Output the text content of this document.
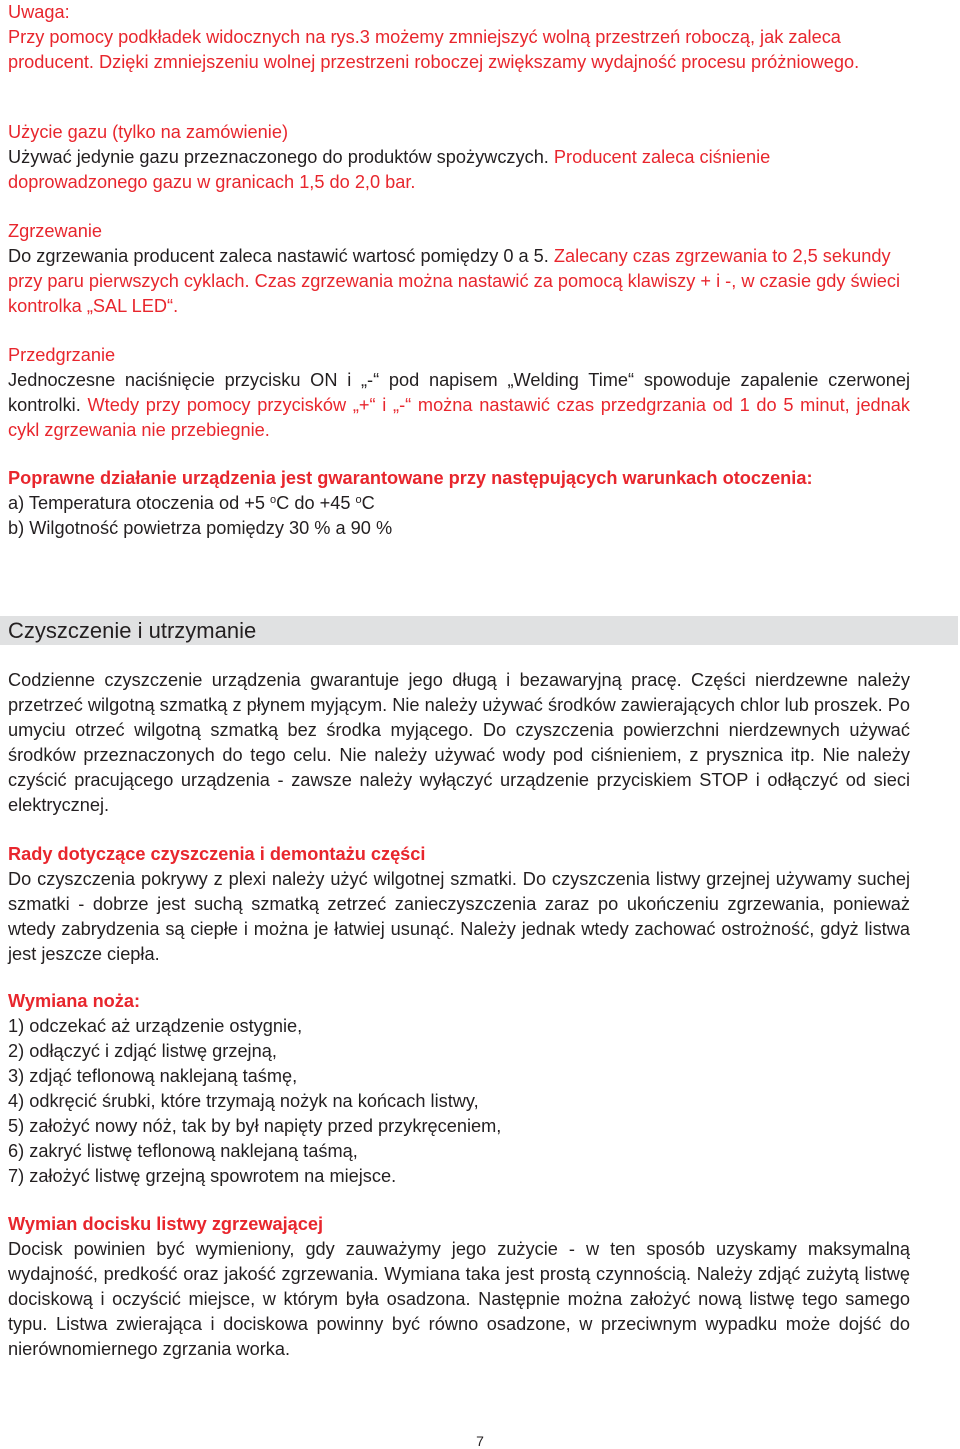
Uwaga:

Przy pomocy podkładek widocznych na rys.3 możemy zmniejszyć wolną przestrzeń roboczą, jak zaleca producent. Dzięki zmniejszeniu wolnej przestrzeni roboczej zwiększamy wydajność procesu próżniowego.

Użycie gazu (tylko na zamówienie)

Używać jedynie gazu przeznaczonego do produktów spożywczych. Producent zaleca ciśnienie doprowadzonego gazu w granicach 1,5 do 2,0 bar.

Zgrzewanie

Do zgrzewania producent zaleca nastawić wartosć pomiędzy 0 a 5. Zalecany czas zgrzewania to 2,5 sekundy przy paru pierwszych cyklach. Czas zgrzewania można nastawić za pomocą klawiszy + i -, w czasie gdy świeci kontrolka „SAL LED“.

Przedgrzanie

Jednoczesne naciśnięcie przycisku ON i „-“ pod napisem „Welding Time“ spowoduje zapalenie czerwonej kontrolki. Wtedy przy pomocy przycisków „+“ i „-“ można nastawić czas przedgrzania od 1 do 5 minut, jednak cykl zgrzewania nie przebiegnie.

Poprawne działanie urządzenia jest gwarantowane przy następujących warunkach otoczenia:

a) Temperatura otoczenia od +5 $^o$C do +45 $^o$C

b) Wilgotność powietrza pomiędzy 30 % a 90 %

Czyszczenie i utrzymanie

Codzienne czyszczenie urządzenia gwarantuje jego długą i bezawaryjną pracę. Części nierdzewne należy przetrzeć wilgotną szmatką z płynem myjącym. Nie należy używać środków zawierających chlor lub proszek. Po umyciu otrzeć wilgotną szmatką bez środka myjącego. Do czyszczenia powierzchni nierdzewnych używać środków przeznaczonych do tego celu. Nie należy używać wody pod ciśnieniem, z prysznica itp. Nie należy czyścić pracującego urządzenia - zawsze należy wyłączyć urządzenie przyciskiem STOP i odłączyć od sieci elektrycznej.

Rady dotyczące czyszczenia i demontażu części

Do czyszczenia pokrywy z plexi należy użyć wilgotnej szmatki. Do czyszczenia listwy grzejnej używamy suchej szmatki - dobrze jest suchą szmatką zetrzeć zanieczyszczenia zaraz po ukończeniu zgrzewania, ponieważ wtedy zabrydzenia są ciepłe i można je łatwiej usunąć. Należy jednak wtedy zachować ostrożność, gdyż listwa jest jeszcze ciepła.

Wymiana noża:

1) odczekać aż urządzenie ostygnie,
2) odłączyć i zdjąć listwę grzejną,
3) zdjąć teflonową naklejaną taśmę,
4) odkręcić śrubki, które trzymają nożyk na końcach listwy,
5) założyć nowy nóż, tak by był napięty przed przykręceniem,
6) zakryć listwę teflonową naklejaną taśmą,
7) założyć listwę grzejną spowrotem na miejsce.

Wymian docisku listwy zgrzewającej

Docisk powinien być wymieniony, gdy zauważymy jego zużycie - w ten sposób uzyskamy maksymalną wydajność, predkość oraz jakość zgrzewania. Wymiana taka jest prostą czynnością. Należy zdjąć zużytą listwę dociskową i oczyścić miejsce, w którym była osadzona. Następnie można założyć nową listwę tego samego typu. Listwa zwierająca i dociskowa powinny być równo osadzone, w przeciwnym wypadku może dojść do nierównomiernego zgrzania worka.

7
